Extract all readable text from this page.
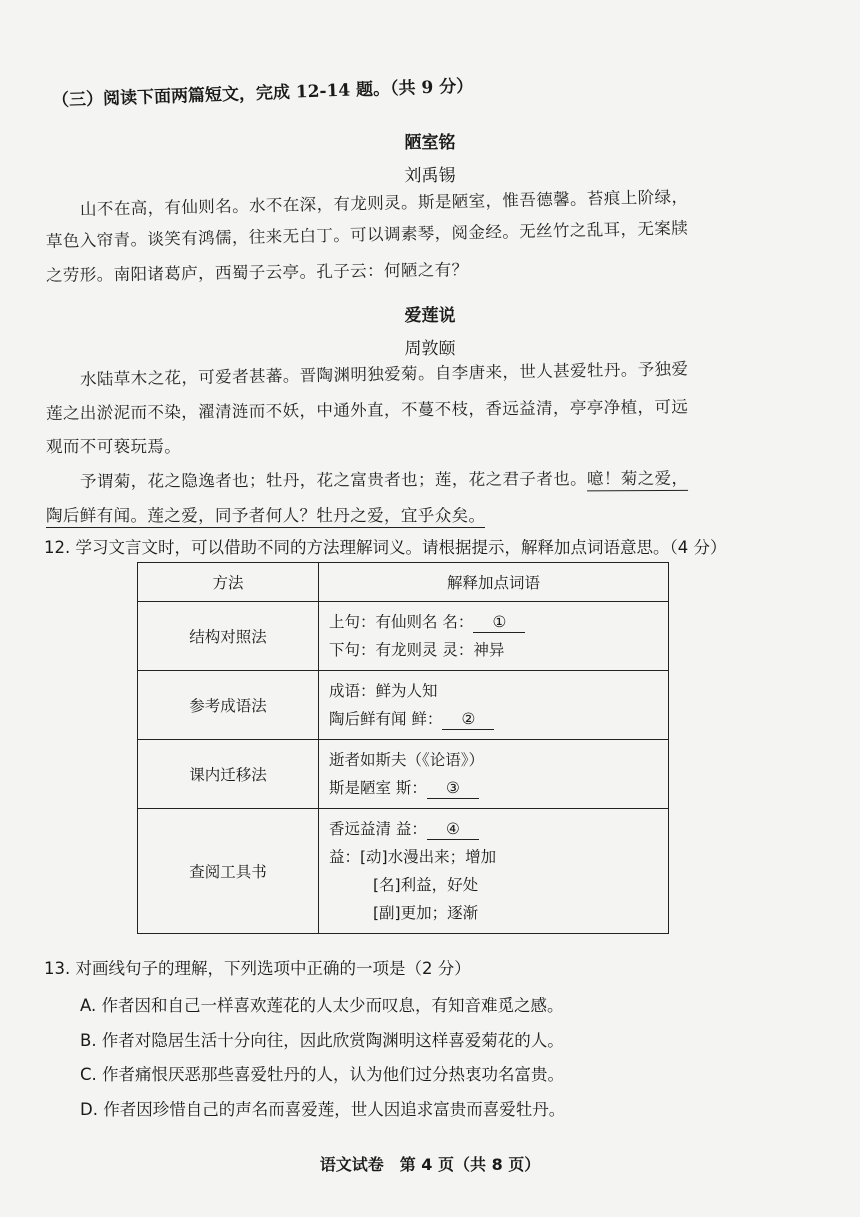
（三）阅读下面两篇短文，完成 12-14 题。（共 9 分）
陋室铭
刘禹锡
山不在高，有仙则名。水不在深，有龙则灵。斯是陋室，惟吾德馨。苔痕上阶绿，
草色入帘青。谈笑有鸿儒，往来无白丁。可以调素琴，阅金经。无丝竹之乱耳，无案牍
之劳形。南阳诸葛庐，西蜀子云亭。孔子云：何陋之有？
爱莲说
周敦颐
水陆草木之花，可爱者甚蕃。晋陶渊明独爱菊。自李唐来，世人甚爱牡丹。予独爱
莲之出淤泥而不染，濯清涟而不妖，中通外直，不蔓不枝，香远益清，亭亭净植，可远
观而不可亵玩焉。
予谓菊，花之隐逸者也；牡丹，花之富贵者也；莲，花之君子者也。噫！菊之爱，
陶后鲜有闻。莲之爱，同予者何人？牡丹之爱，宜乎众矣。
12. 学习文言文时，可以借助不同的方法理解词义。请根据提示，解释加点词语意思。（4 分）
方法	解释加点词语
结构对照法	上句：有仙则名 名： ①
下句：有龙则灵 灵：神异
参考成语法	成语：鲜为人知
陶后鲜有闻 鲜： ②
课内迁移法	逝者如斯夫（《论语》）
斯是陋室 斯： ③
查阅工具书	香远益清 益： ④
益：[动]水漫出来；增加
[名]利益，好处
[副]更加；逐渐
13. 对画线句子的理解，下列选项中正确的一项是（2 分）
A. 作者因和自己一样喜欢莲花的人太少而叹息，有知音难觅之感。
B. 作者对隐居生活十分向往，因此欣赏陶渊明这样喜爱菊花的人。
C. 作者痛恨厌恶那些喜爱牡丹的人，认为他们过分热衷功名富贵。
D. 作者因珍惜自己的声名而喜爱莲，世人因追求富贵而喜爱牡丹。
语文试卷　第 4 页（共 8 页）
